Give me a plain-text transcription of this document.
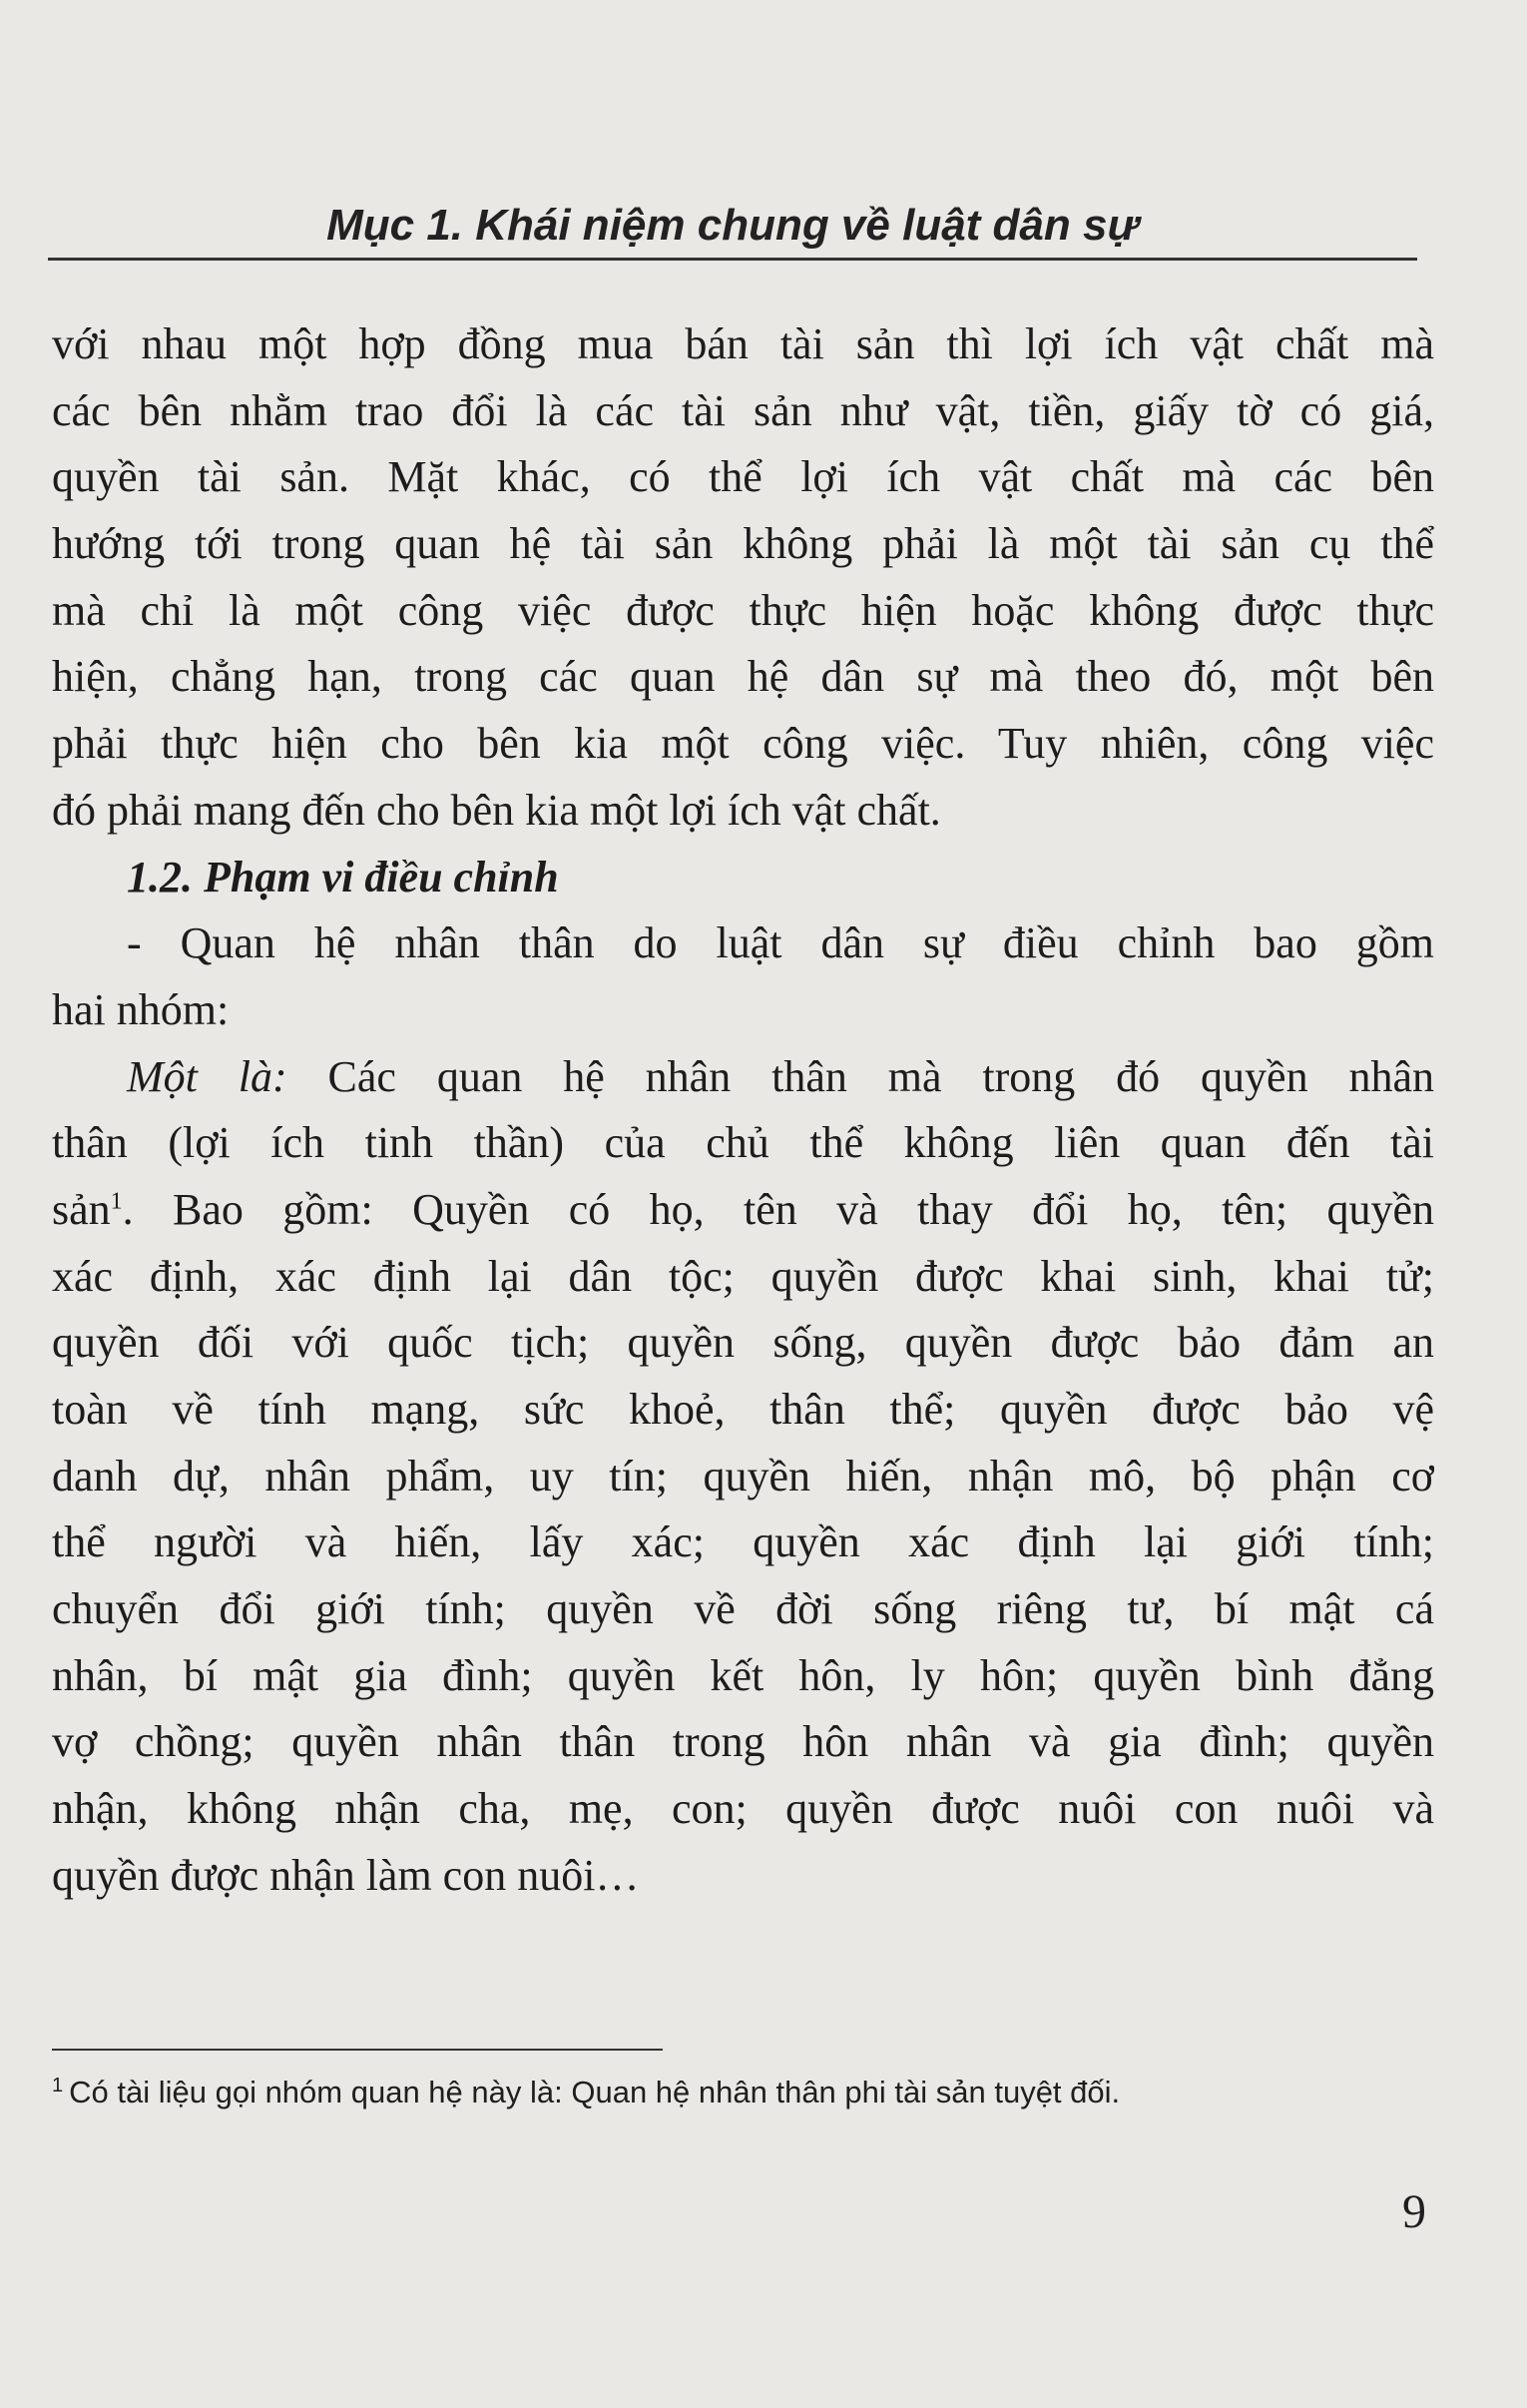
Mục 1. Khái niệm chung về luật dân sự
với nhau một hợp đồng mua bán tài sản thì lợi ích vật chất mà
các bên nhằm trao đổi là các tài sản như vật, tiền, giấy tờ có giá,
quyền tài sản. Mặt khác, có thể lợi ích vật chất mà các bên
hướng tới trong quan hệ tài sản không phải là một tài sản cụ thể
mà chỉ là một công việc được thực hiện hoặc không được thực
hiện, chẳng hạn, trong các quan hệ dân sự mà theo đó, một bên
phải thực hiện cho bên kia một công việc. Tuy nhiên, công việc
đó phải mang đến cho bên kia một lợi ích vật chất.
1.2. Phạm vi điều chỉnh
- Quan hệ nhân thân do luật dân sự điều chỉnh bao gồm
hai nhóm:
Một là: Các quan hệ nhân thân mà trong đó quyền nhân
thân (lợi ích tinh thần) của chủ thể không liên quan đến tài
sản$^1$. Bao gồm: Quyền có họ, tên và thay đổi họ, tên; quyền
xác định, xác định lại dân tộc; quyền được khai sinh, khai tử;
quyền đối với quốc tịch; quyền sống, quyền được bảo đảm an
toàn về tính mạng, sức khoẻ, thân thể; quyền được bảo vệ
danh dự, nhân phẩm, uy tín; quyền hiến, nhận mô, bộ phận cơ
thể người và hiến, lấy xác; quyền xác định lại giới tính;
chuyển đổi giới tính; quyền về đời sống riêng tư, bí mật cá
nhân, bí mật gia đình; quyền kết hôn, ly hôn; quyền bình đẳng
vợ chồng; quyền nhân thân trong hôn nhân và gia đình; quyền
nhận, không nhận cha, mẹ, con; quyền được nuôi con nuôi và
quyền được nhận làm con nuôi…
$^1$ Có tài liệu gọi nhóm quan hệ này là: Quan hệ nhân thân phi tài sản tuyệt đối.
9
